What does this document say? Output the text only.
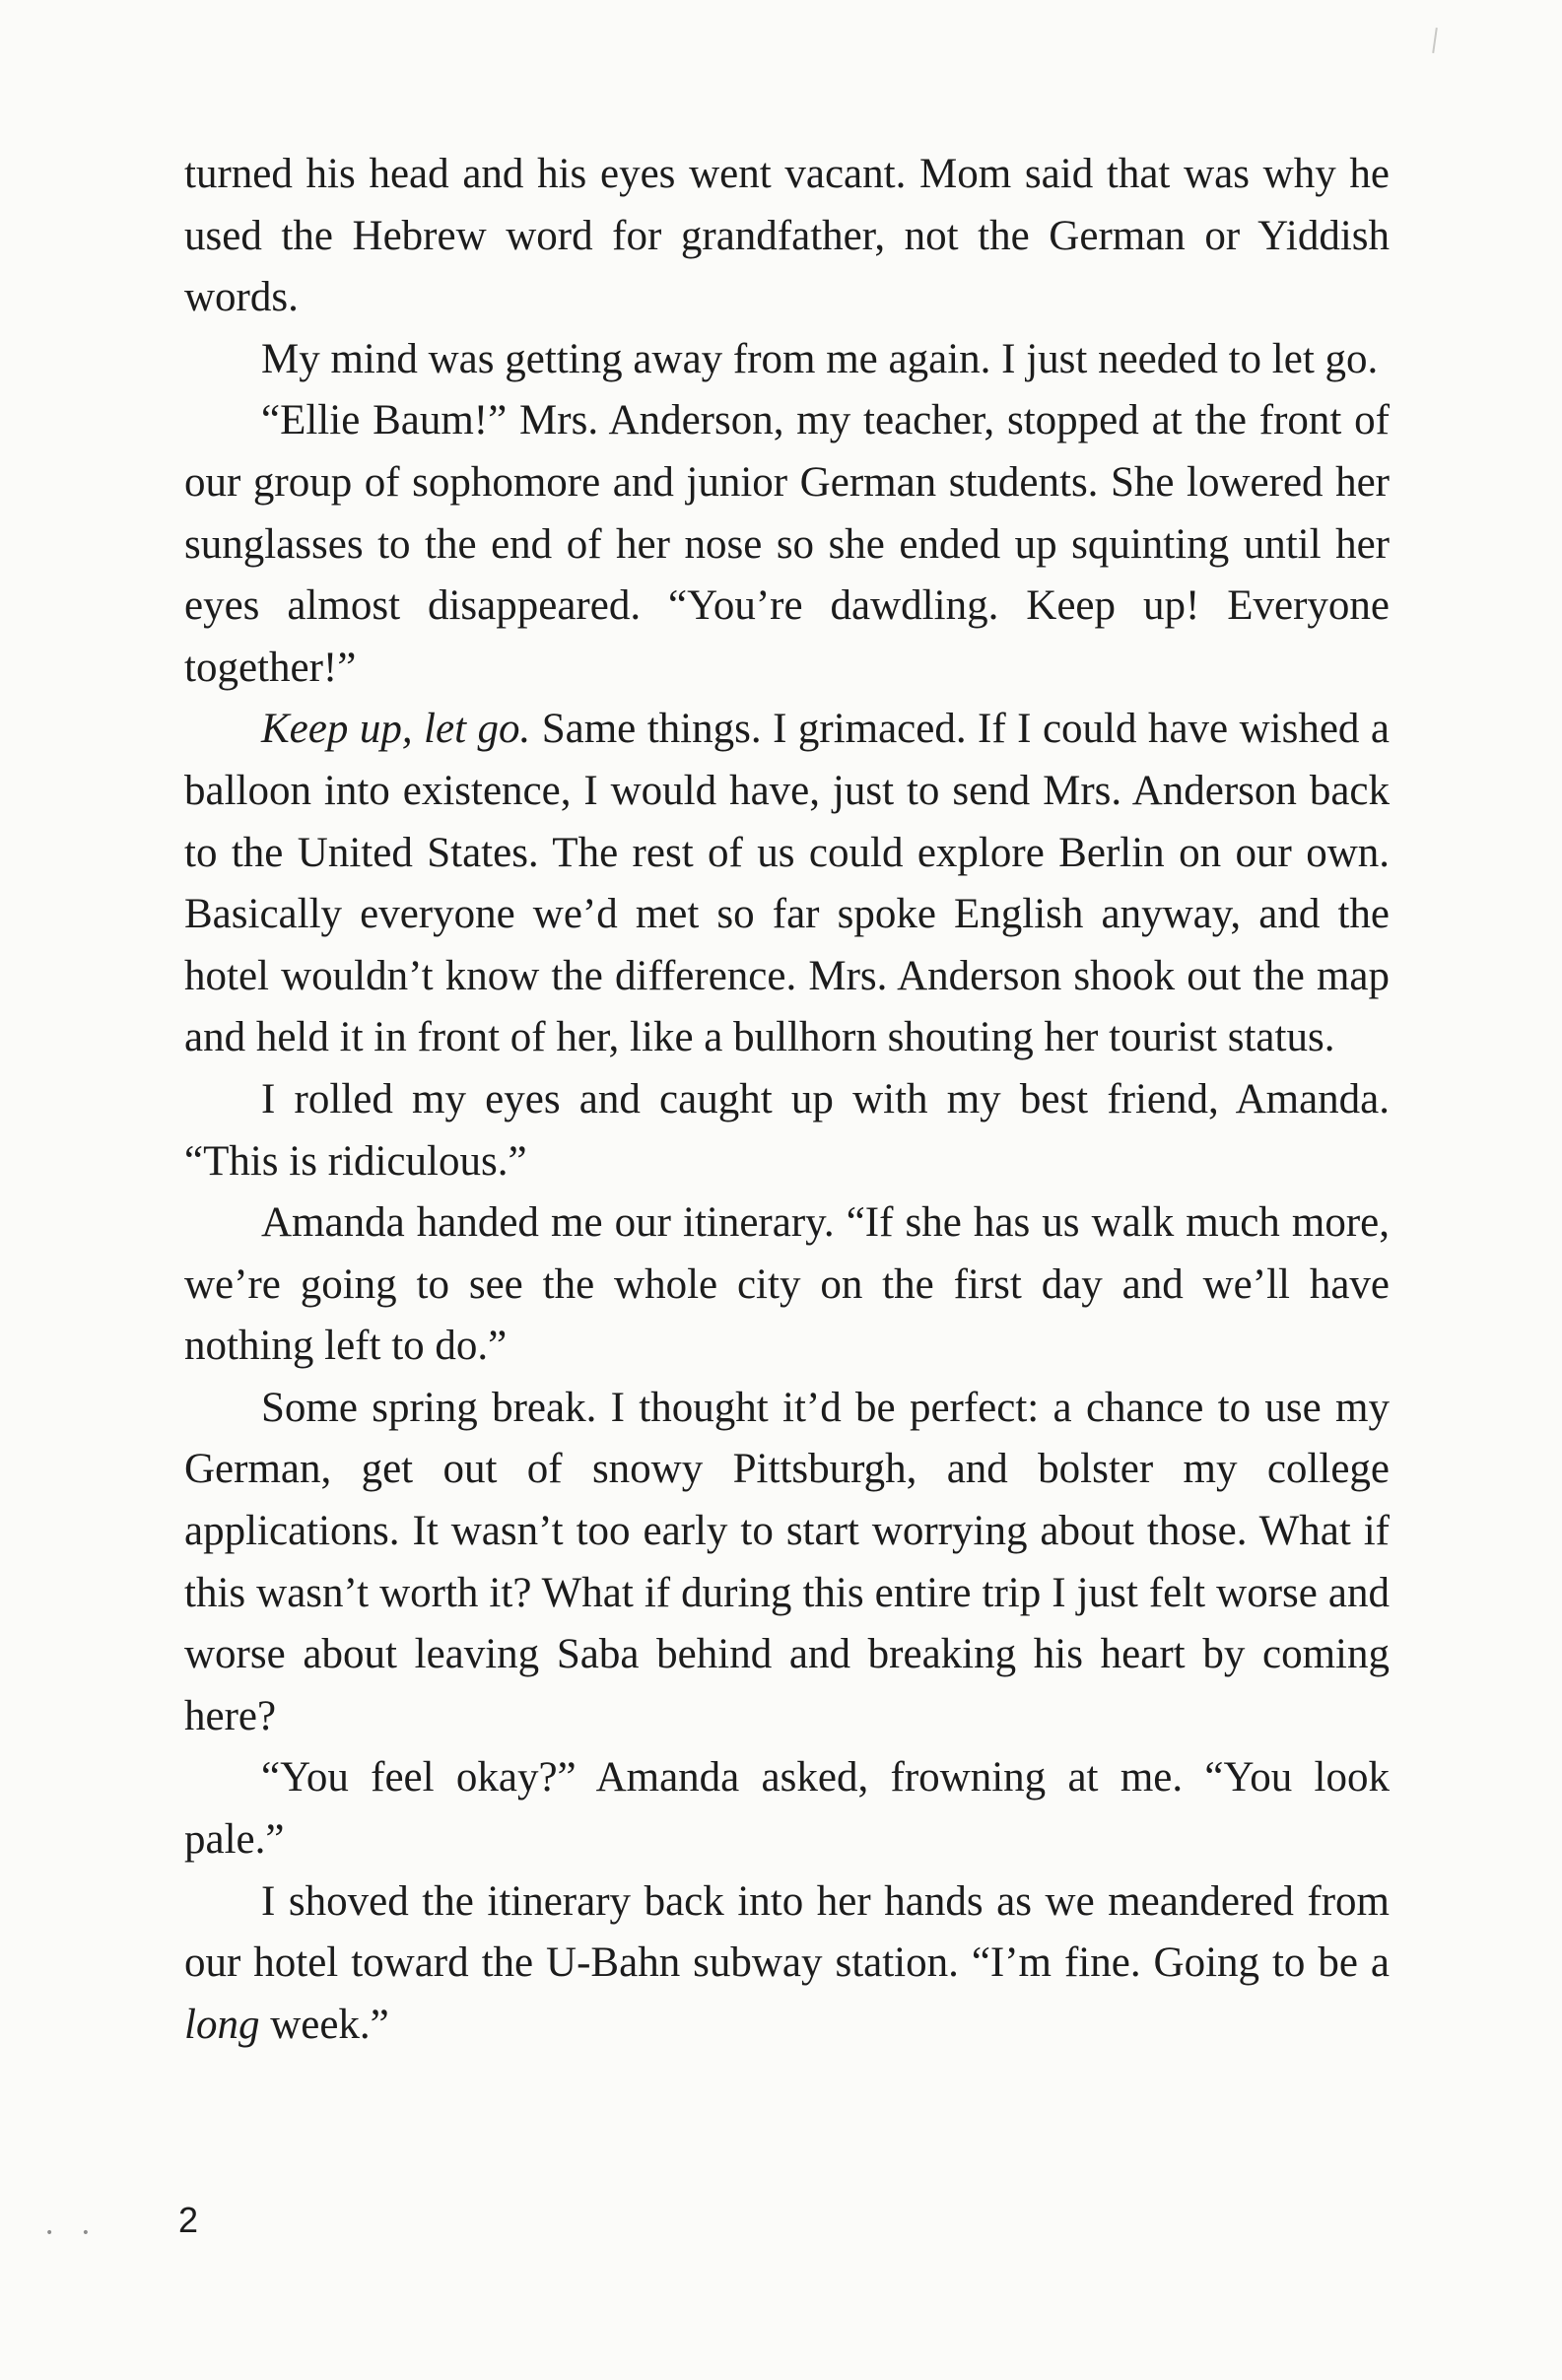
turned his head and his eyes went vacant. Mom said that was why he used the Hebrew word for grandfather, not the German or Yiddish words.

My mind was getting away from me again. I just needed to let go.

“Ellie Baum!” Mrs. Anderson, my teacher, stopped at the front of our group of sophomore and junior German students. She lowered her sunglasses to the end of her nose so she ended up squinting until her eyes almost disappeared. “You’re dawdling. Keep up! Everyone together!”

Keep up, let go. Same things. I grimaced. If I could have wished a balloon into existence, I would have, just to send Mrs. Anderson back to the United States. The rest of us could explore Berlin on our own. Basically everyone we’d met so far spoke English anyway, and the hotel wouldn’t know the difference. Mrs. Anderson shook out the map and held it in front of her, like a bullhorn shouting her tourist status.

I rolled my eyes and caught up with my best friend, Amanda. “This is ridiculous.”

Amanda handed me our itinerary. “If she has us walk much more, we’re going to see the whole city on the first day and we’ll have nothing left to do.”

Some spring break. I thought it’d be perfect: a chance to use my German, get out of snowy Pittsburgh, and bolster my college applications. It wasn’t too early to start worrying about those. What if this wasn’t worth it? What if during this entire trip I just felt worse and worse about leaving Saba behind and breaking his heart by coming here?

“You feel okay?” Amanda asked, frowning at me. “You look pale.”

I shoved the itinerary back into her hands as we meandered from our hotel toward the U-Bahn subway station. “I’m fine. Going to be a long week.”

• • 2
